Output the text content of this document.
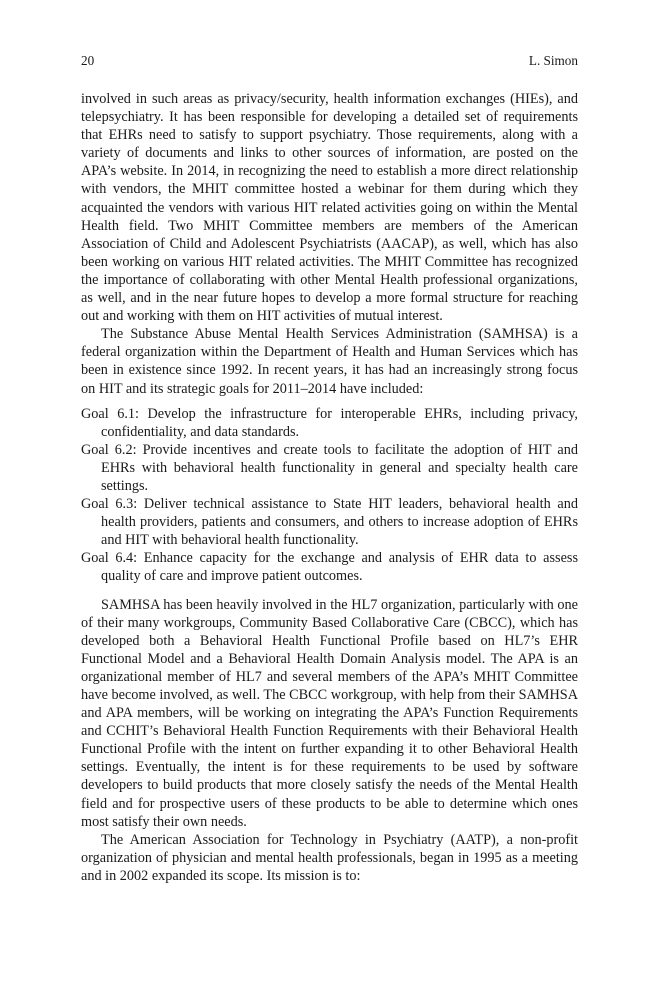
20	L. Simon

involved in such areas as privacy/security, health information exchanges (HIEs), and telepsychiatry. It has been responsible for developing a detailed set of requirements that EHRs need to satisfy to support psychiatry. Those requirements, along with a variety of documents and links to other sources of information, are posted on the APA’s website. In 2014, in recognizing the need to establish a more direct relationship with vendors, the MHIT committee hosted a webinar for them during which they acquainted the vendors with various HIT related activities going on within the Mental Health field. Two MHIT Committee members are members of the American Association of Child and Adolescent Psychiatrists (AACAP), as well, which has also been working on various HIT related activities. The MHIT Committee has recognized the importance of collaborating with other Mental Health professional organizations, as well, and in the near future hopes to develop a more formal structure for reaching out and working with them on HIT activities of mutual interest.

The Substance Abuse Mental Health Services Administration (SAMHSA) is a federal organization within the Department of Health and Human Services which has been in existence since 1992. In recent years, it has had an increasingly strong focus on HIT and its strategic goals for 2011–2014 have included:

Goal 6.1: Develop the infrastructure for interoperable EHRs, including privacy, confidentiality, and data standards.
Goal 6.2: Provide incentives and create tools to facilitate the adoption of HIT and EHRs with behavioral health functionality in general and specialty health care settings.
Goal 6.3: Deliver technical assistance to State HIT leaders, behavioral health and health providers, patients and consumers, and others to increase adoption of EHRs and HIT with behavioral health functionality.
Goal 6.4: Enhance capacity for the exchange and analysis of EHR data to assess quality of care and improve patient outcomes.

SAMHSA has been heavily involved in the HL7 organization, particularly with one of their many workgroups, Community Based Collaborative Care (CBCC), which has developed both a Behavioral Health Functional Profile based on HL7’s EHR Functional Model and a Behavioral Health Domain Analysis model. The APA is an organizational member of HL7 and several members of the APA’s MHIT Committee have become involved, as well. The CBCC workgroup, with help from their SAMHSA and APA members, will be working on integrating the APA’s Function Requirements and CCHIT’s Behavioral Health Function Requirements with their Behavioral Health Functional Profile with the intent on further expanding it to other Behavioral Health settings. Eventually, the intent is for these requirements to be used by software developers to build products that more closely satisfy the needs of the Mental Health field and for prospective users of these products to be able to determine which ones most satisfy their own needs.

The American Association for Technology in Psychiatry (AATP), a non-profit organization of physician and mental health professionals, began in 1995 as a meeting and in 2002 expanded its scope. Its mission is to:
